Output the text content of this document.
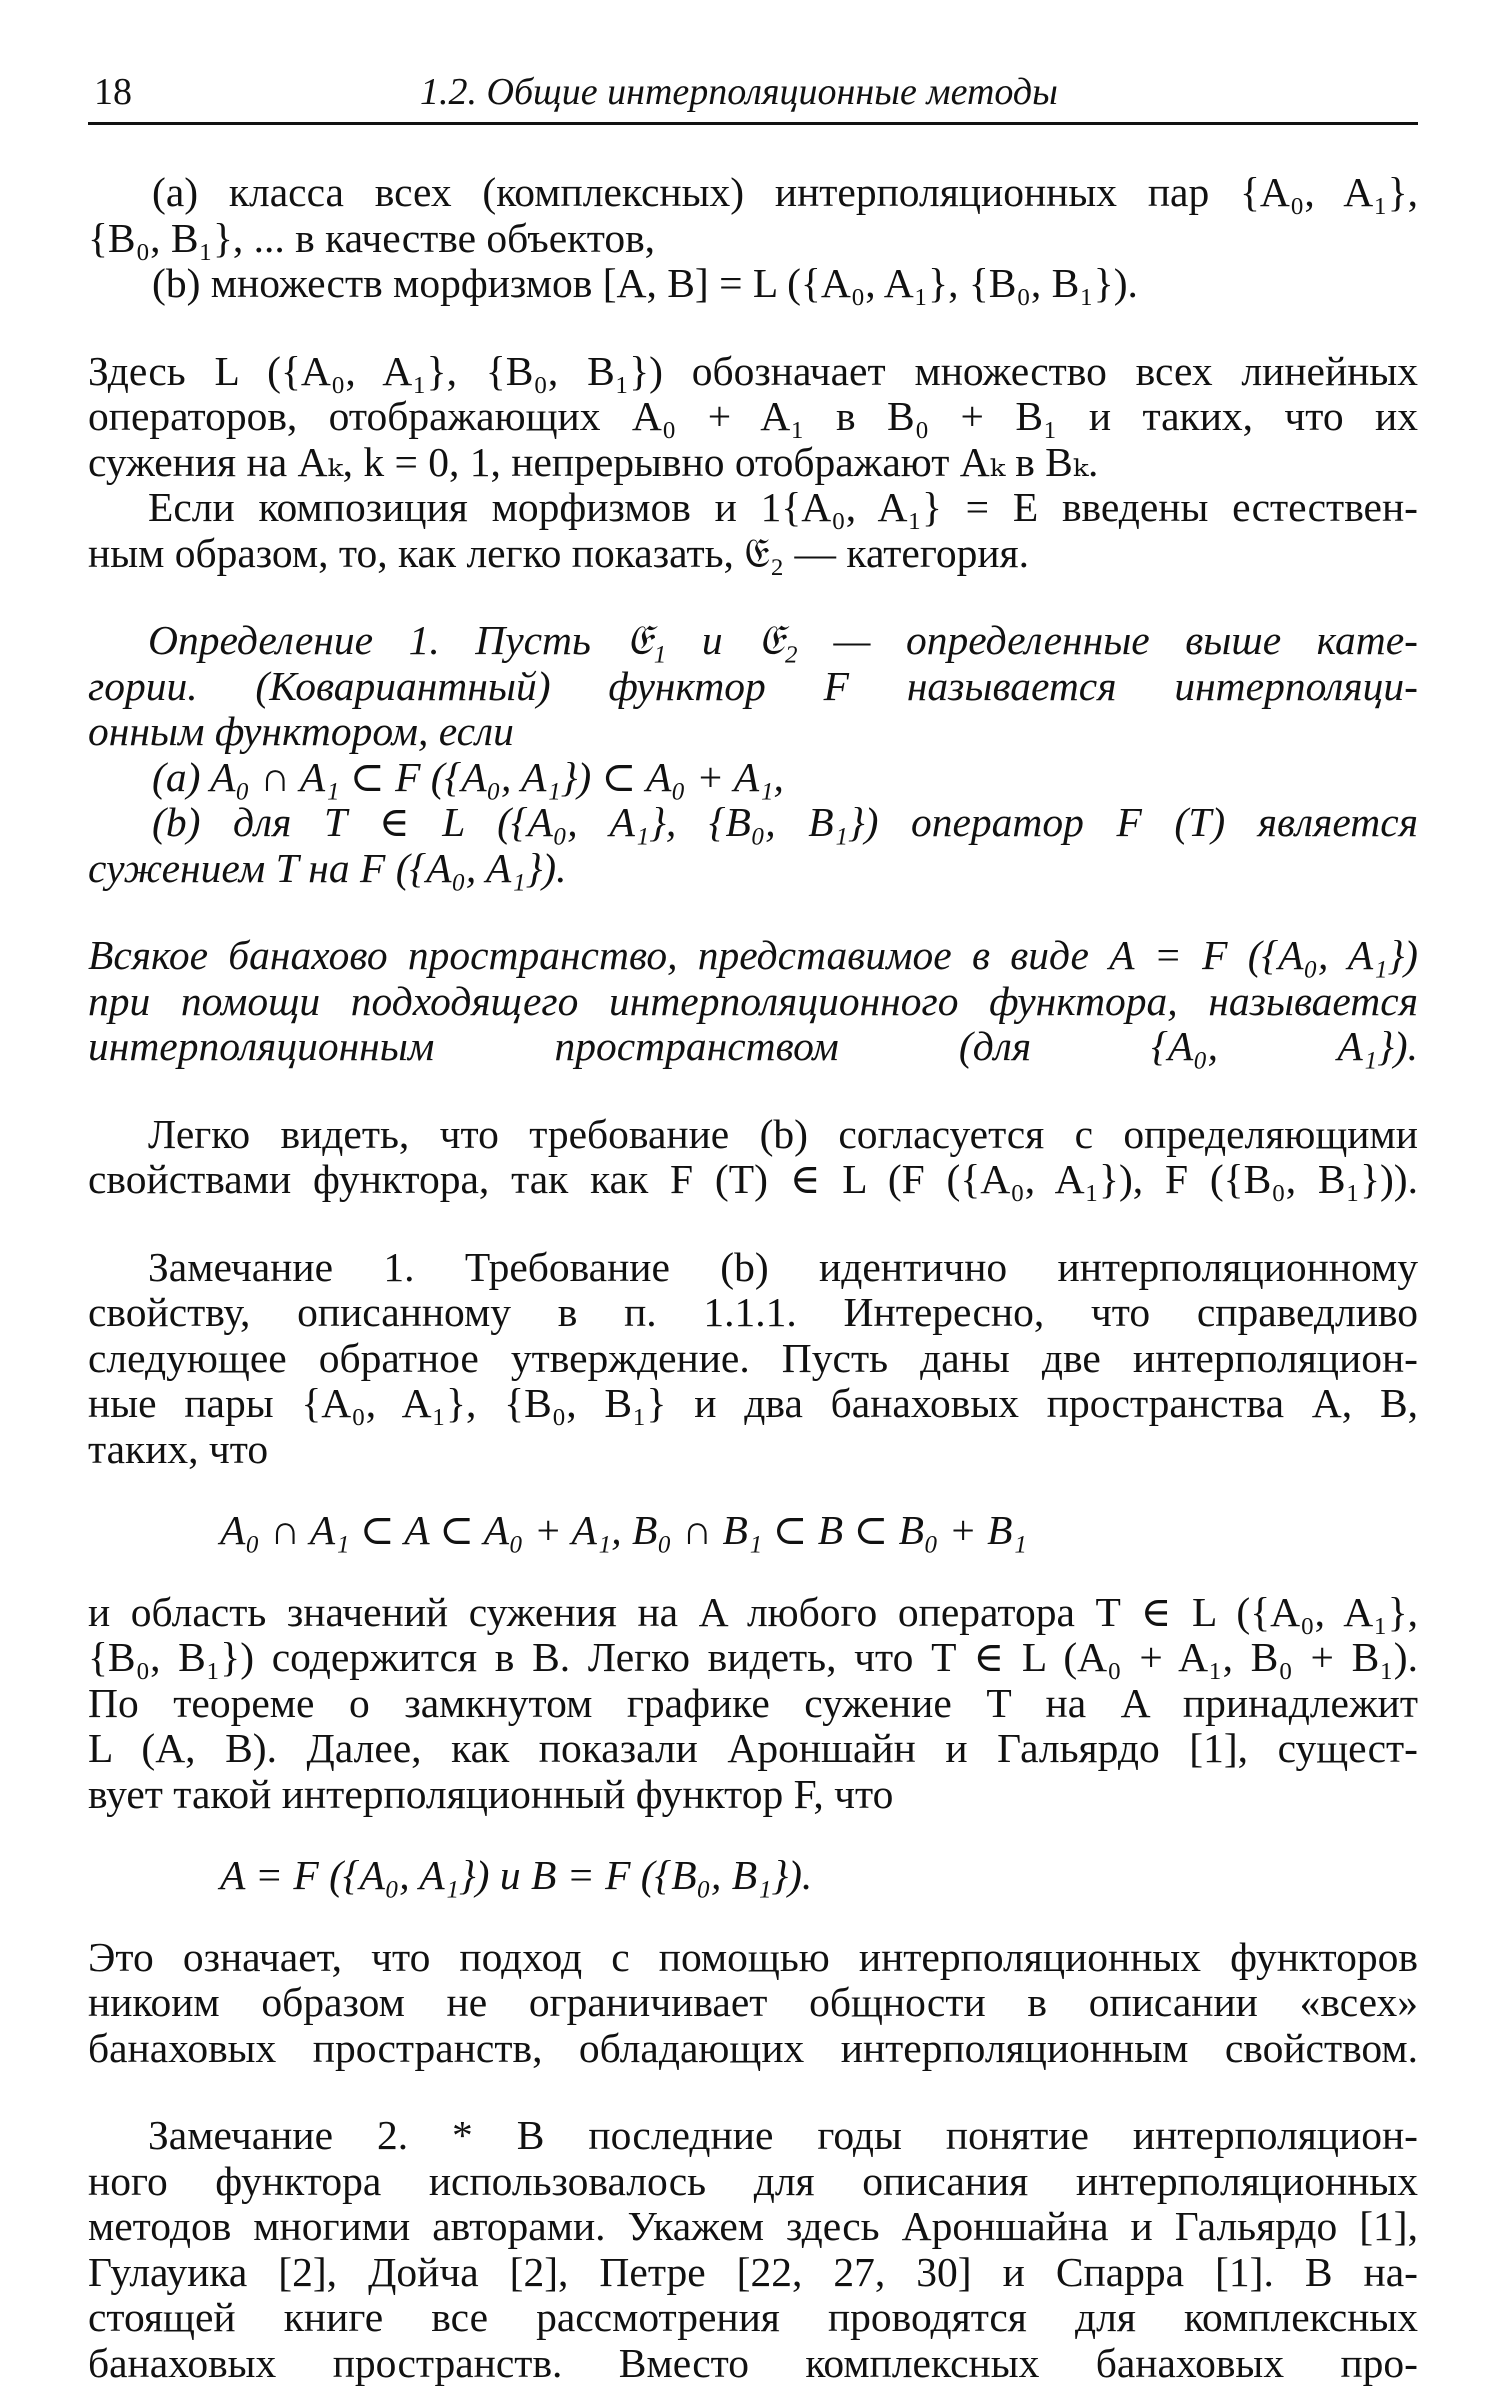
18	1.2. Общие интерполяционные методы
(a) класса всех (комплексных) интерполяционных пар {A₀, A₁},
{B₀, B₁}, ... в качестве объектов,
(b) множеств морфизмов [A, B] = L ({A₀, A₁}, {B₀, B₁}).
Здесь L ({A₀, A₁}, {B₀, B₁}) обозначает множество всех линейных
операторов, отображающих A₀ + A₁ в B₀ + B₁ и таких, что их
сужения на Aₖ, k = 0, 1, непрерывно отображают Aₖ в Bₖ.
Если композиция морфизмов и 1{A₀, A₁} = E введены естествен-
ным образом, то, как легко показать, 𝔈₂ — категория.
Определение 1. Пусть 𝔈₁ и 𝔈₂ — определенные выше кате-
гории. (Ковариантный) функтор F называется интерполяци-
онным функтором, если
(a) A₀ ∩ A₁ ⊂ F ({A₀, A₁}) ⊂ A₀ + A₁,
(b) для T ∈ L ({A₀, A₁}, {B₀, B₁}) оператор F (T) является
сужением T на F ({A₀, A₁}).
Всякое банахово пространство, представимое в виде A = F ({A₀, A₁})
при помощи подходящего интерполяционного функтора, называется
интерполяционным пространством (для {A₀, A₁}).
Легко видеть, что требование (b) согласуется с определяющими
свойствами функтора, так как F (T) ∈ L (F ({A₀, A₁}), F ({B₀, B₁})).
Замечание 1. Требование (b) идентично интерполяционному
свойству, описанному в п. 1.1.1. Интересно, что справедливо
следующее обратное утверждение. Пусть даны две интерполяцион-
ные пары {A₀, A₁}, {B₀, B₁} и два банаховых пространства A, B,
таких, что
A₀ ∩ A₁ ⊂ A ⊂ A₀ + A₁, B₀ ∩ B₁ ⊂ B ⊂ B₀ + B₁
и область значений сужения на A любого оператора T ∈ L ({A₀, A₁},
{B₀, B₁}) содержится в B. Легко видеть, что T ∈ L (A₀ + A₁, B₀ + B₁).
По теореме о замкнутом графике сужение T на A принадлежит
L (A, B). Далее, как показали Ароншайн и Гальярдо [1], сущест-
вует такой интерполяционный функтор F, что
A = F ({A₀, A₁}) и B = F ({B₀, B₁}).
Это означает, что подход с помощью интерполяционных функторов
никоим образом не ограничивает общности в описании «всех»
банаховых пространств, обладающих интерполяционным свойством.
Замечание 2. * В последние годы понятие интерполяцион-
ного функтора использовалось для описания интерполяционных
методов многими авторами. Укажем здесь Ароншайна и Гальярдо [1],
Гулауика [2], Дойча [2], Петре [22, 27, 30] и Спарра [1]. В на-
стоящей книге все рассмотрения проводятся для комплексных
банаховых пространств. Вместо комплексных банаховых про-
